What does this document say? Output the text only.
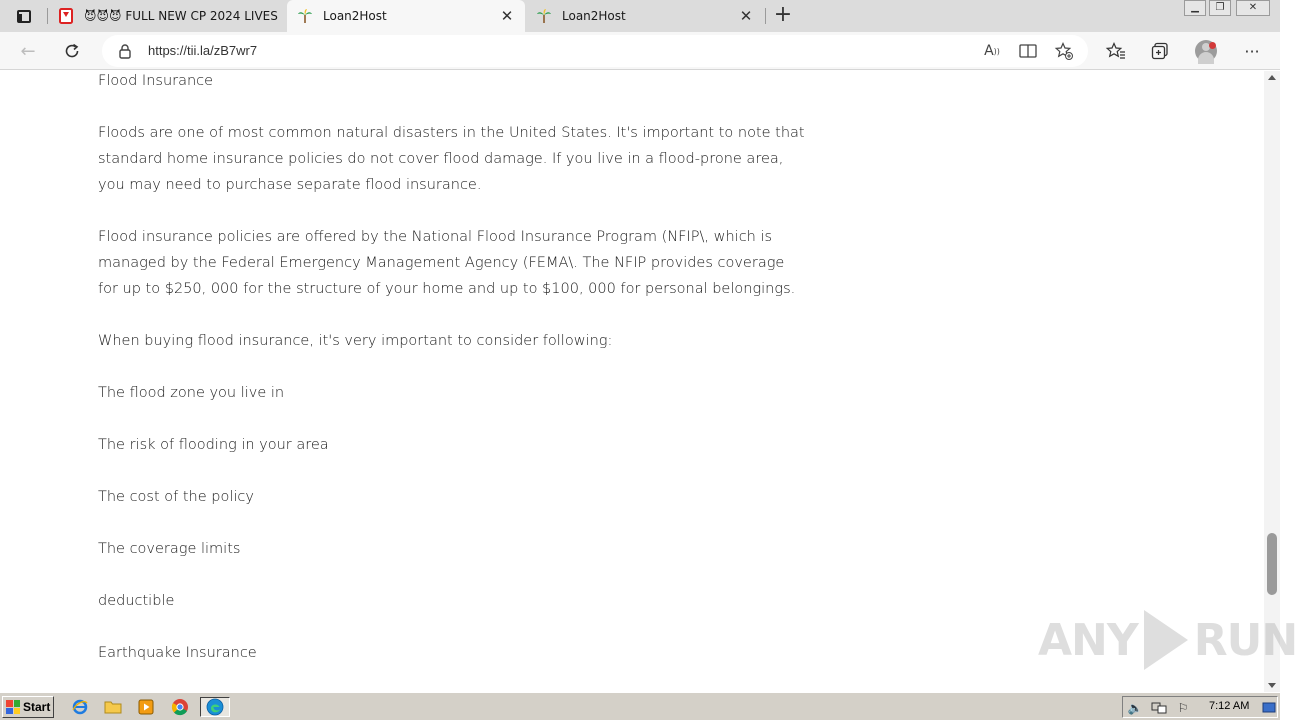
😈😈😈 FULL NEW CP 2024 LIVES	Loan2Host	✕	Loan2Host	✕ +	▁	❐	✕
←	https://tii.la/zB7wr7	A ))	···

Flood Insurance

Floods are one of most common natural disasters in the United States. It's important to note that standard home insurance policies do not cover flood damage. If you live in a flood-prone area, you may need to purchase separate flood insurance.

Flood insurance policies are offered by the National Flood Insurance Program (NFIP\, which is managed by the Federal Emergency Management Agency (FEMA\. The NFIP provides coverage for up to $250, 000 for the structure of your home and up to $100, 000 for personal belongings.

When buying flood insurance, it's very important to consider following:

The flood zone you live in

The risk of flooding in your area

The cost of the policy

The coverage limits

deductible

Earthquake Insurance	ANY RUN
Start	🔈	⚐ 7:12 AM
